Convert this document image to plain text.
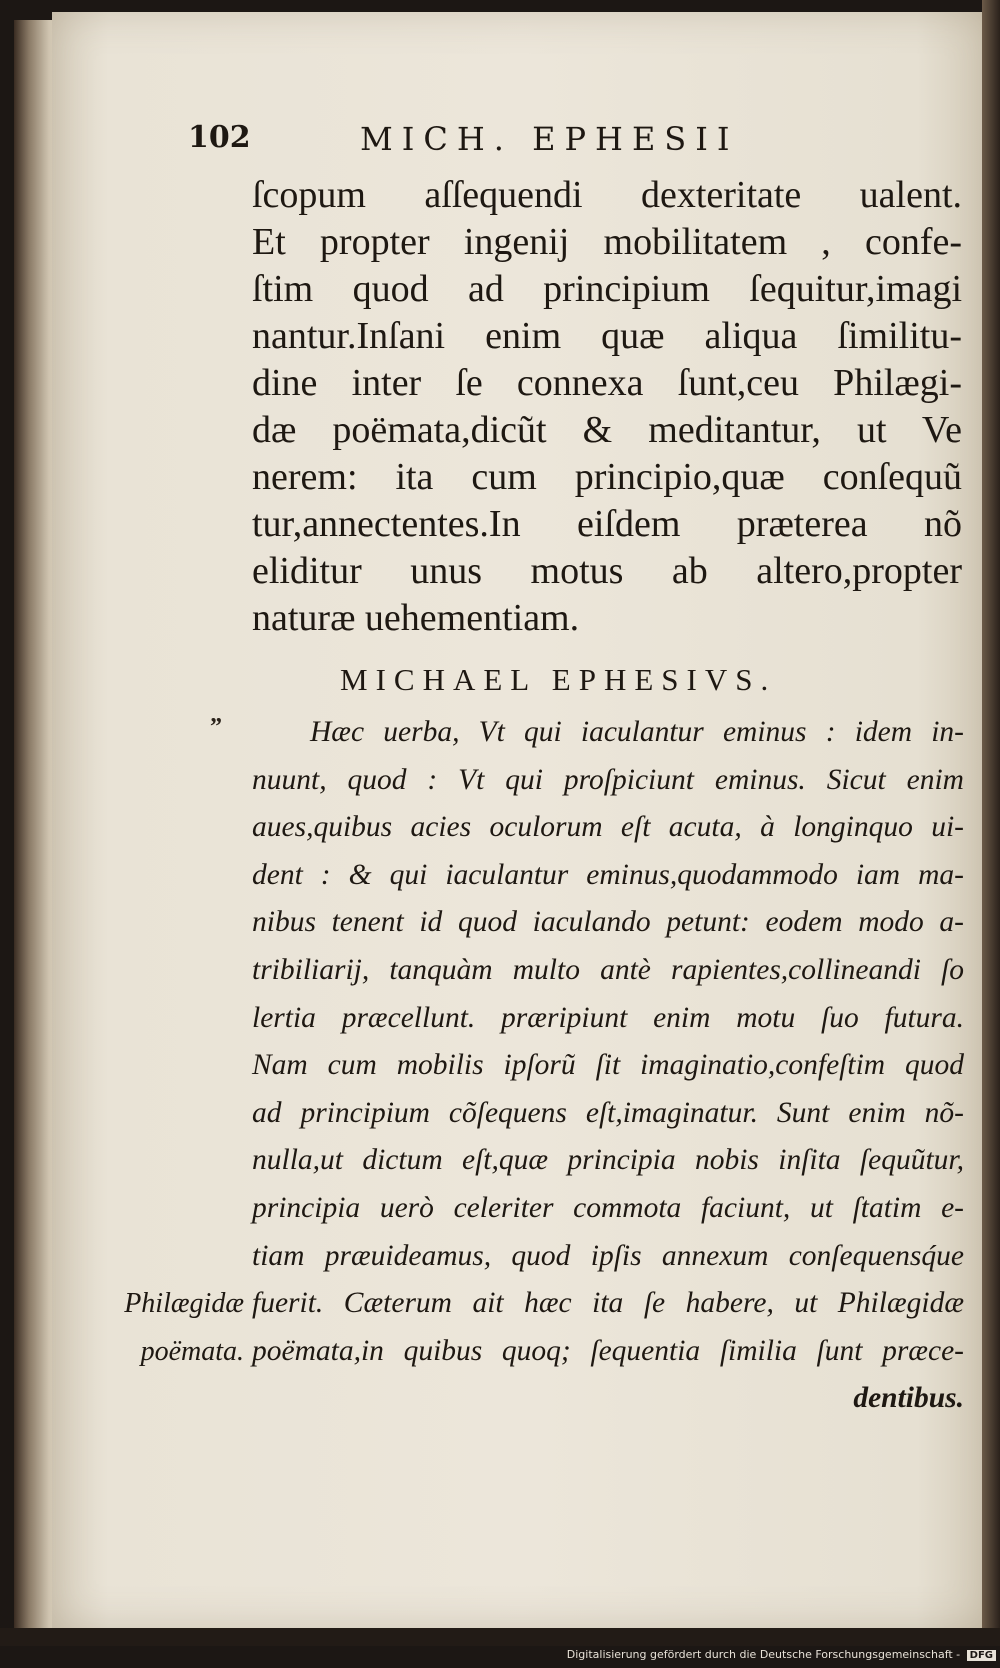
102	MICH. EPHESII
ſcopum aſſequendi dexteritate ualent.
Et propter ingenij mobilitatem , confe-
ſtim quod ad principium ſequitur,imagi
nantur.Inſani enim quæ aliqua ſimilitu-
dine inter ſe connexa ſunt,ceu Philægi-
dæ poëmata,dicũt & meditantur, ut Ve
nerem: ita cum principio,quæ conſequũ
tur,annectentes.In eiſdem præterea nõ
eliditur unus motus ab altero,propter
naturæ uehementiam.
MICHAEL EPHESIVS.
”	Hæc uerba, Vt qui iaculantur eminus : idem in-
nuunt, quod : Vt qui proſpiciunt eminus. Sicut enim
aues,quibus acies oculorum eſt acuta, à longinquo ui-
dent : & qui iaculantur eminus,quodammodo iam ma-
nibus tenent id quod iaculando petunt: eodem modo a-
tribiliarij, tanquàm multo antè rapientes,collineandi ſo
lertia præcellunt. præripiunt enim motu ſuo futura.
Nam cum mobilis ipſorũ ſit imaginatio,confeſtim quod
ad principium cõſequens eſt,imaginatur. Sunt enim nõ-
nulla,ut dictum eſt,quæ principia nobis inſita ſequũtur,
principia uerò celeriter commota faciunt, ut ſtatim e-
tiam præuideamus, quod ipſis annexum conſequensq́ue
fuerit. Cæterum ait hæc ita ſe habere, ut Philægidæ
poëmata,in quibus quoq; ſequentia ſimilia ſunt præce-
dentibus.
Philægidæ
poëmata.
Digitalisierung gefördert durch die Deutsche Forschungsgemeinschaft - DFG
